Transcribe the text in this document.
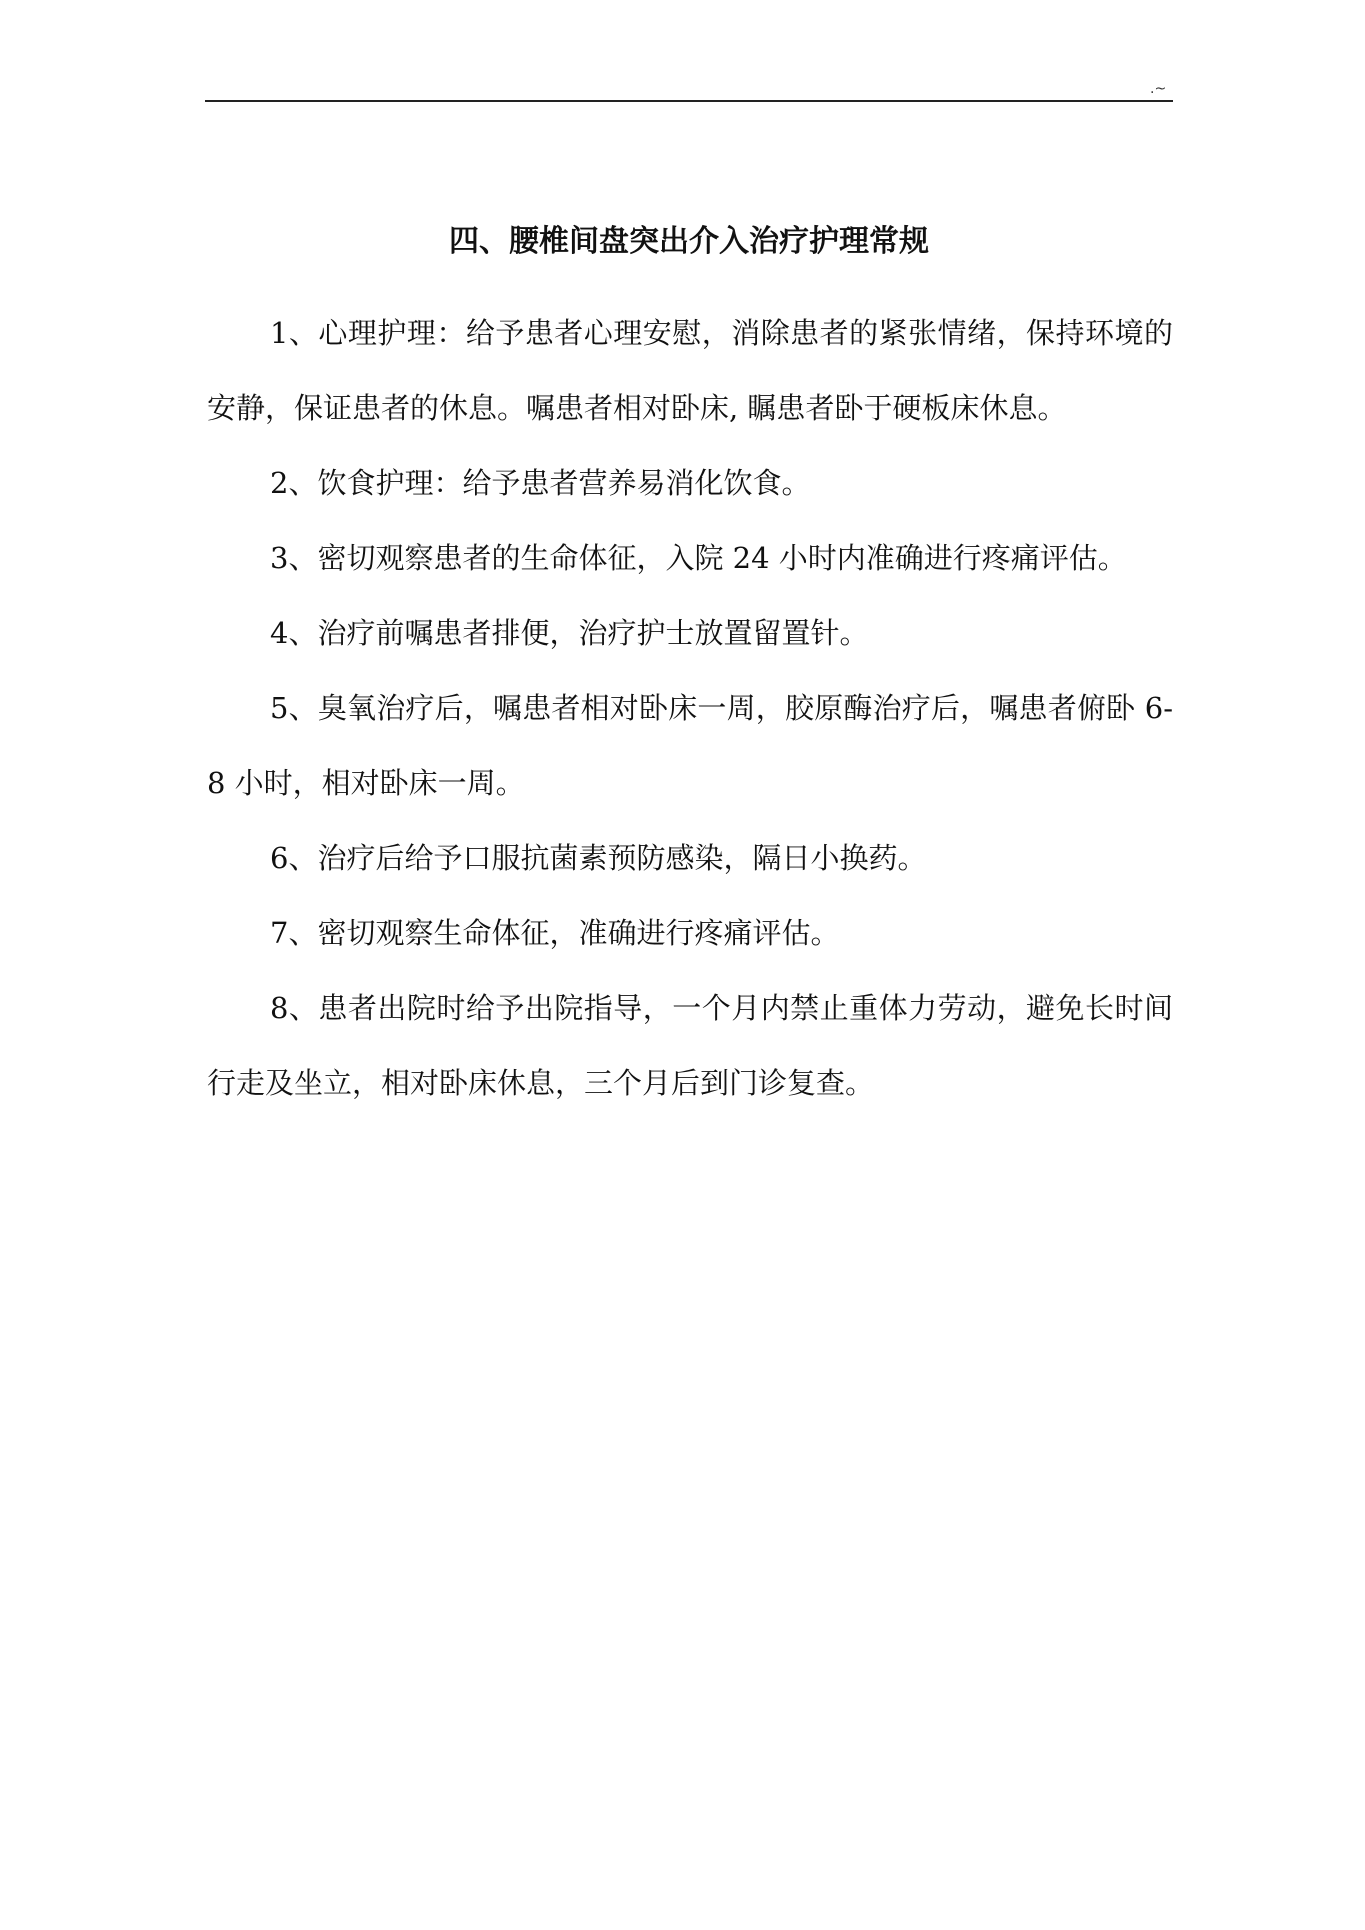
.~
四、腰椎间盘突出介入治疗护理常规

1、心理护理：给予患者心理安慰，消除患者的紧张情绪，保持环境的安静，保证患者的休息。嘱患者相对卧床, 瞩患者卧于硬板床休息。

2、饮食护理：给予患者营养易消化饮食。

3、密切观察患者的生命体征，入院 24 小时内准确进行疼痛评估。

4、治疗前嘱患者排便，治疗护士放置留置针。

5、臭氧治疗后，嘱患者相对卧床一周，胶原酶治疗后，嘱患者俯卧 6-8 小时，相对卧床一周。

6、治疗后给予口服抗菌素预防感染，隔日小换药。

7、密切观察生命体征，准确进行疼痛评估。

8、患者出院时给予出院指导，一个月内禁止重体力劳动，避免长时间行走及坐立，相对卧床休息，三个月后到门诊复查。
